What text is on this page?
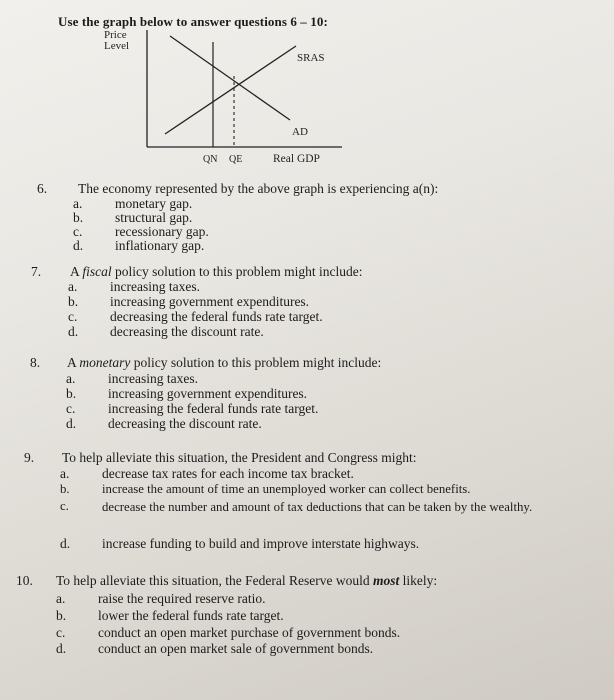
Use the graph below to answer questions 6 – 10:
Price
Level
SRAS
AD
QN QE	Real GDP
6. The economy represented by the above graph is experiencing a(n):
a. monetary gap.
b. structural gap.
c. recessionary gap.
d. inflationary gap.
7. A fiscal policy solution to this problem might include:
a. increasing taxes.
b. increasing government expenditures.
c. decreasing the federal funds rate target.
d. decreasing the discount rate.
8. A monetary policy solution to this problem might include:
a. increasing taxes.
b. increasing government expenditures.
c. increasing the federal funds rate target.
d. decreasing the discount rate.
9. To help alleviate this situation, the President and Congress might:
a. decrease tax rates for each income tax bracket.
b.	increase the amount of time an unemployed worker can collect benefits.
c.	decrease the number and amount of tax deductions that can be taken by the wealthy.
d. increase funding to build and improve interstate highways.
10. To help alleviate this situation, the Federal Reserve would most likely:
a. raise the required reserve ratio.
b. lower the federal funds rate target.
c. conduct an open market purchase of government bonds.
d. conduct an open market sale of government bonds.
